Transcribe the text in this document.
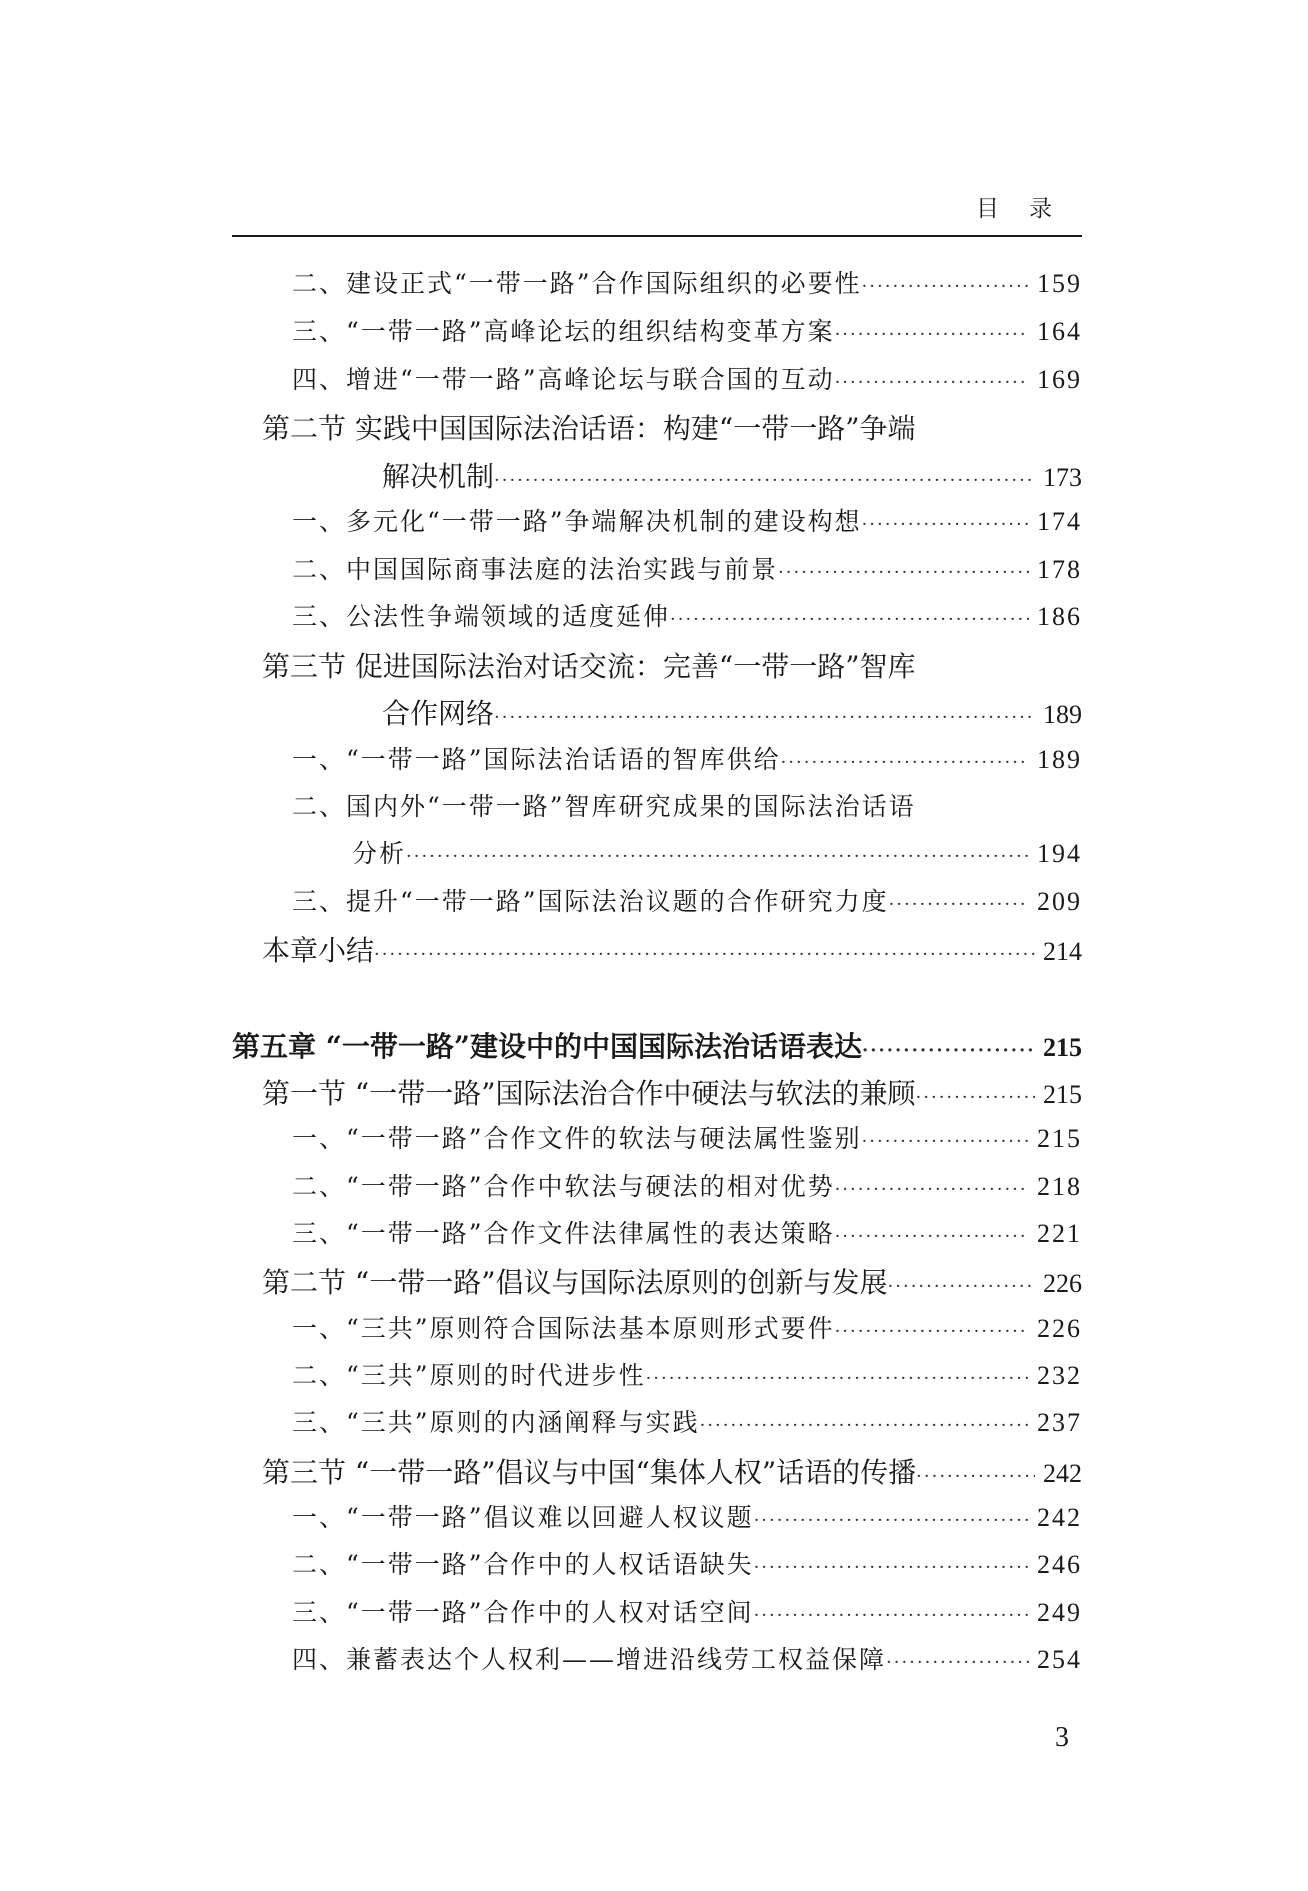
目录
二、建设正式“一带一路”合作国际组织的必要性 ·····	159
三、“一带一路”高峰论坛的组织结构变革方案 ·····	164
四、增进“一带一路”高峰论坛与联合国的互动 ·····	169
第二节 实践中国国际法治话语：构建“一带一路”争端
解决机制 ·····	173
一、多元化“一带一路”争端解决机制的建设构想 ·····	174
二、中国国际商事法庭的法治实践与前景 ·····	178
三、公法性争端领域的适度延伸 ·····	186
第三节 促进国际法治对话交流：完善“一带一路”智库
合作网络 ·····	189
一、“一带一路”国际法治话语的智库供给 ·····	189
二、国内外“一带一路”智库研究成果的国际法治话语
分析 ·····	194
三、提升“一带一路”国际法治议题的合作研究力度 ·····	209
本章小结 ·····	214
第五章 “一带一路”建设中的中国国际法治话语表达 ·····	215
第一节 “一带一路”国际法治合作中硬法与软法的兼顾 ·····	215
一、“一带一路”合作文件的软法与硬法属性鉴别 ·····	215
二、“一带一路”合作中软法与硬法的相对优势 ·····	218
三、“一带一路”合作文件法律属性的表达策略 ·····	221
第二节 “一带一路”倡议与国际法原则的创新与发展 ·····	226
一、“三共”原则符合国际法基本原则形式要件 ·····	226
二、“三共”原则的时代进步性 ·····	232
三、“三共”原则的内涵阐释与实践 ·····	237
第三节 “一带一路”倡议与中国“集体人权”话语的传播 ·····	242
一、“一带一路”倡议难以回避人权议题 ·····	242
二、“一带一路”合作中的人权话语缺失 ·····	246
三、“一带一路”合作中的人权对话空间 ·····	249
四、兼蓄表达个人权利——增进沿线劳工权益保障 ·····	254
3
